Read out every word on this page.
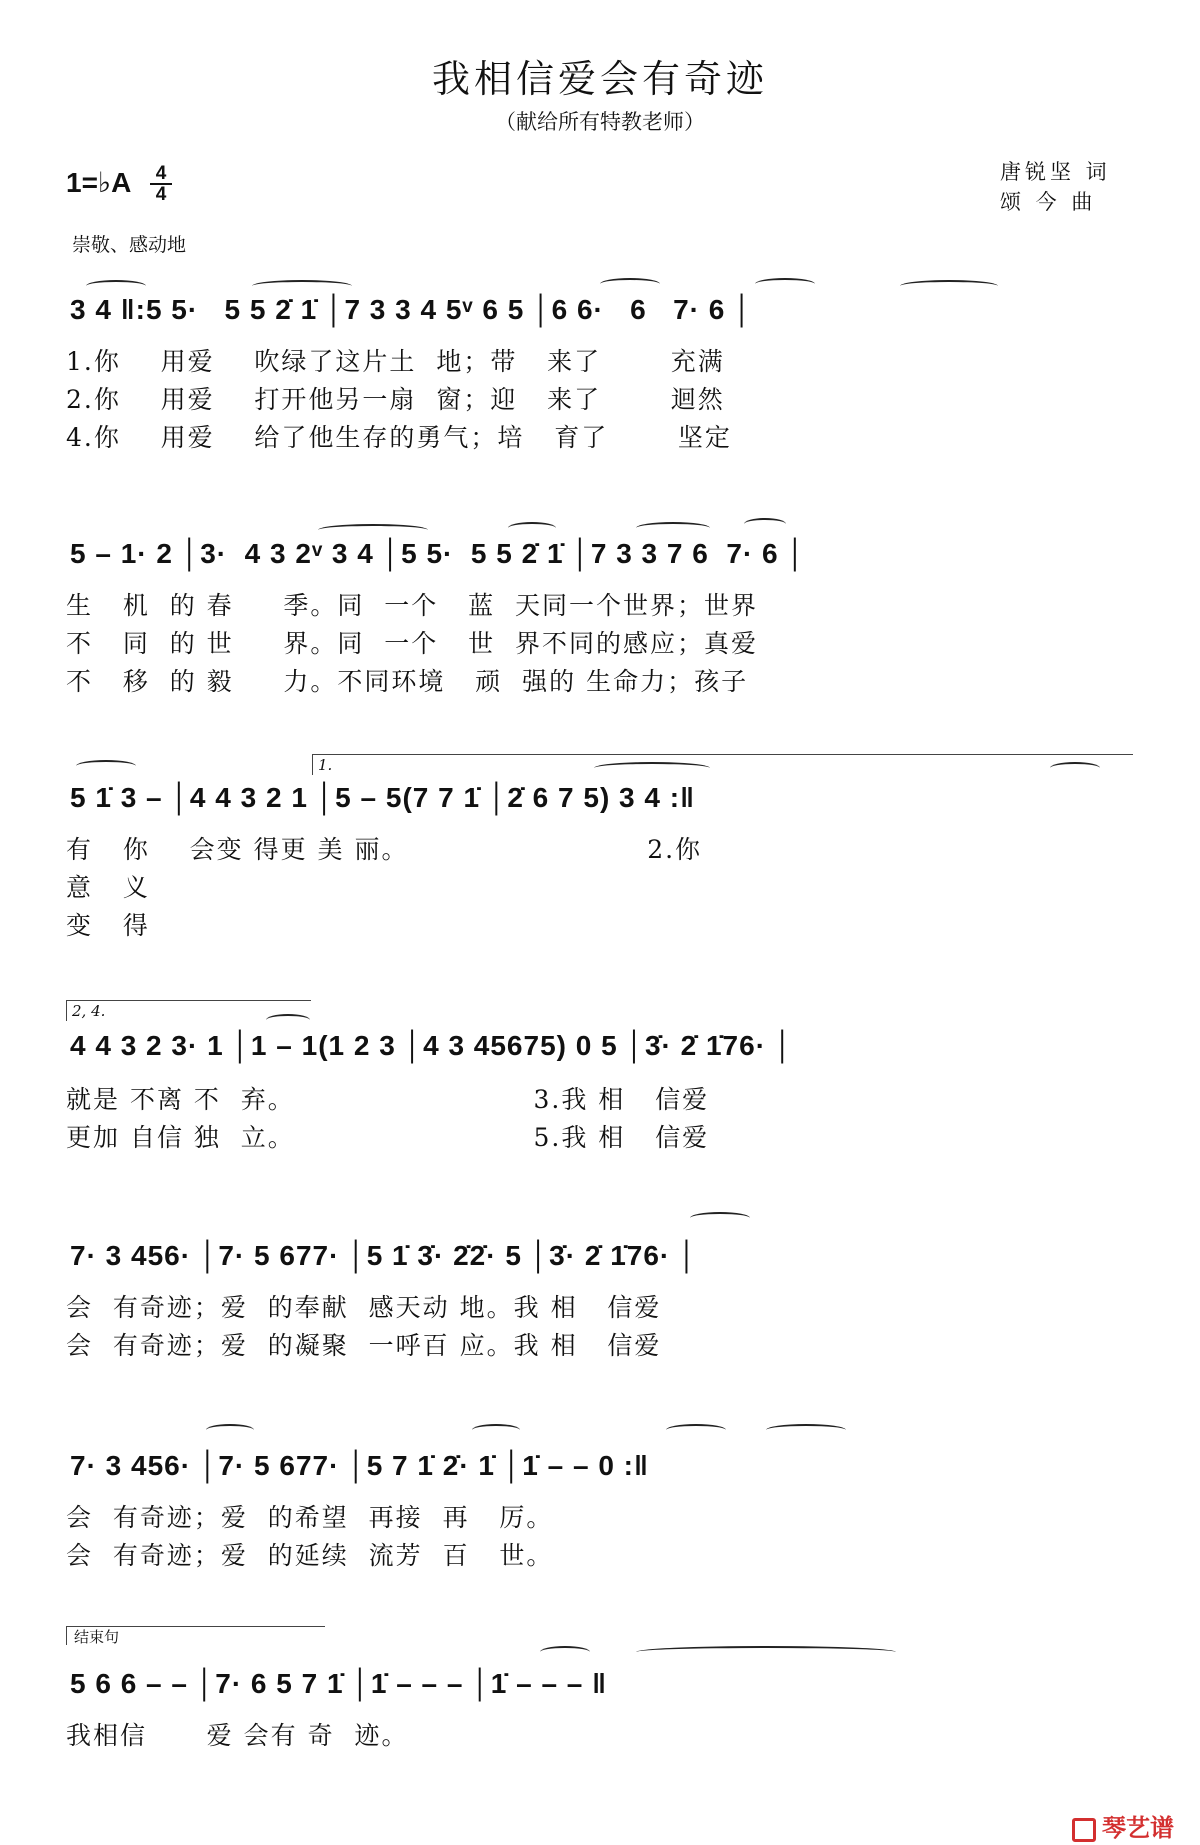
我相信爱会有奇迹
（献给所有特教老师）
1=♭A	4
4
唐锐坚 词
颂 今 曲
崇敬、感动地
3 4 ‖:5 5·   5 5 2̇ 1̇ │7 3 3 4 5ᵛ 6 5 │6 6·   6   7· 6 │
1.你    用爱    吹绿了这片土  地；带   来了       充满
2.你    用爱    打开他另一扇  窗；迎   来了       迴然
4.你    用爱    给了他生存的勇气；培   育了       坚定
5 – 1· 2 │3·  4 3 2ᵛ 3 4 │5 5·  5 5 2̇ 1̇ │7 3 3 7 6  7· 6 │
生   机  的 春     季。同  一个   蓝  天同一个世界；世界
不   同  的 世     界。同  一个   世  界不同的感应；真爱
不   移  的 毅     力。不同环境   顽  强的 生命力；孩子
1.
5 1̇ 3 – │4 4 3 2 1 │5 – 5(7 7 1̇ │2̇ 6 7 5) 3 4 :‖
有   你    会变 得更 美 丽。                        2.你
意   义
变   得
2, 4.
4 4 3 2 3· 1 │1 – 1(1 2 3 │4 3 45675) 0 5 │3̇· 2̇ 1̇76· │
就是 不离 不  弃。                        3.我 相   信爱
更加 自信 独  立。                        5.我 相   信爱
7· 3 456· │7· 5 677· │5 1̇ 3̇· 2̇2̇· 5 │3̇· 2̇ 1̇76· │
会  有奇迹；爱  的奉献  感天动 地。我 相   信爱
会  有奇迹；爱  的凝聚  一呼百 应。我 相   信爱
7· 3 456· │7· 5 677· │5 7 1̇ 2̇· 1̇ │1̇ – – 0 :‖
会  有奇迹；爱  的希望  再接  再   厉。
会  有奇迹；爱  的延续  流芳  百   世。
结束句
5 6 6 – – │7· 6 5 7 1̇ │1̇ – – – │1̇ – – – ‖
我相信      爱 会有 奇  迹。
琴艺谱
